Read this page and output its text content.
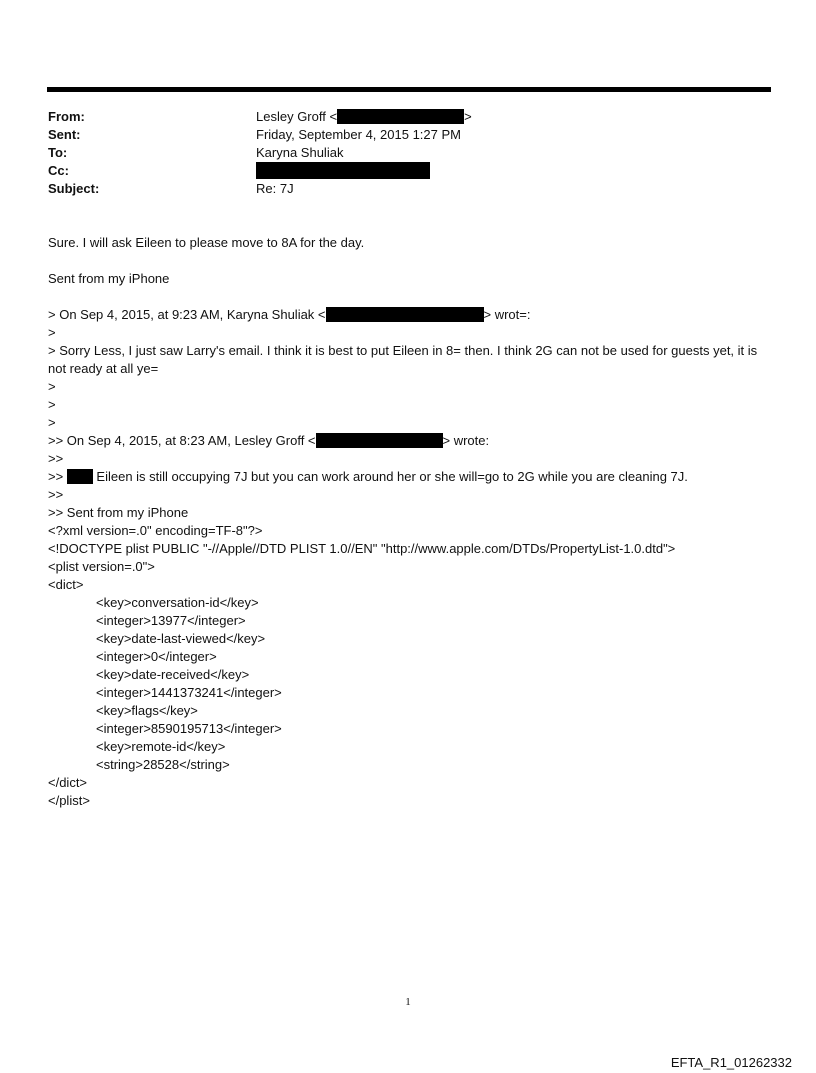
From:	Lesley Groff <	>
Sent:	Friday, September 4, 2015 1:27 PM
To:	Karyna Shuliak
Cc:
Subject:	Re: 7J
Sure. I will ask Eileen to please move to 8A for the day.
Sent from my iPhone
> On Sep 4, 2015, at 9:23 AM, Karyna Shuliak <	> wrot=:
>
> Sorry Less, I just saw Larry's email. I think it is best to put Eileen in 8= then. I think 2G can not be used for guests yet, it is not ready at all ye=
>
>
>
>> On Sep 4, 2015, at 8:23 AM, Lesley Groff <	> wrote:
>>
>>  Eileen is still occupying 7J but you can work around her or she will=go to 2G while you are cleaning 7J.
>>
>> Sent from my iPhone
<?xml version=.0" encoding=TF-8"?>
<!DOCTYPE plist PUBLIC "-//Apple//DTD PLIST 1.0//EN" "http://www.apple.com/DTDs/PropertyList-1.0.dtd">
<plist version=.0">
<dict>
<key>conversation-id</key>
<integer>13977</integer>
<key>date-last-viewed</key>
<integer>0</integer>
<key>date-received</key>
<integer>1441373241</integer>
<key>flags</key>
<integer>8590195713</integer>
<key>remote-id</key>
<string>28528</string>
</dict>
</plist>
1
EFTA_R1_01262332
